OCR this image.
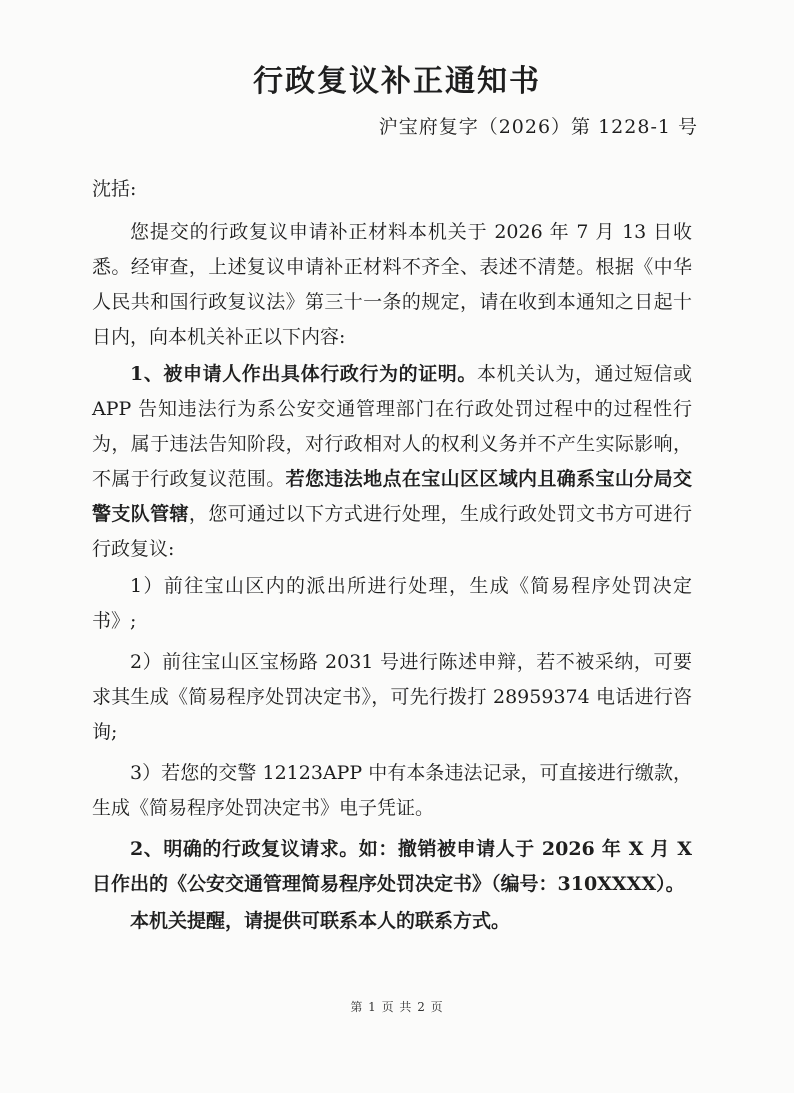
行政复议补正通知书
沪宝府复字（2026）第 1228-1 号

沈括:

您提交的行政复议申请补正材料本机关于 2026 年 7 月 13 日收悉。经审查，上述复议申请补正材料不齐全、表述不清楚。根据《中华人民共和国行政复议法》第三十一条的规定，请在收到本通知之日起十日内，向本机关补正以下内容:

1、被申请人作出具体行政行为的证明。本机关认为，通过短信或 APP 告知违法行为系公安交通管理部门在行政处罚过程中的过程性行为，属于违法告知阶段，对行政相对人的权利义务并不产生实际影响，不属于行政复议范围。若您违法地点在宝山区区域内且确系宝山分局交警支队管辖，您可通过以下方式进行处理，生成行政处罚文书方可进行行政复议:

1）前往宝山区内的派出所进行处理，生成《简易程序处罚决定书》;

2）前往宝山区宝杨路 2031 号进行陈述申辩，若不被采纳，可要求其生成《简易程序处罚决定书》，可先行拨打 28959374 电话进行咨询;

3）若您的交警 12123APP 中有本条违法记录，可直接进行缴款，生成《简易程序处罚决定书》电子凭证。

2、明确的行政复议请求。如：撤销被申请人于 2026 年 X 月 X 日作出的《公安交通管理简易程序处罚决定书》（编号：310XXXX）。

本机关提醒，请提供可联系本人的联系方式。

第 1 页 共 2 页
